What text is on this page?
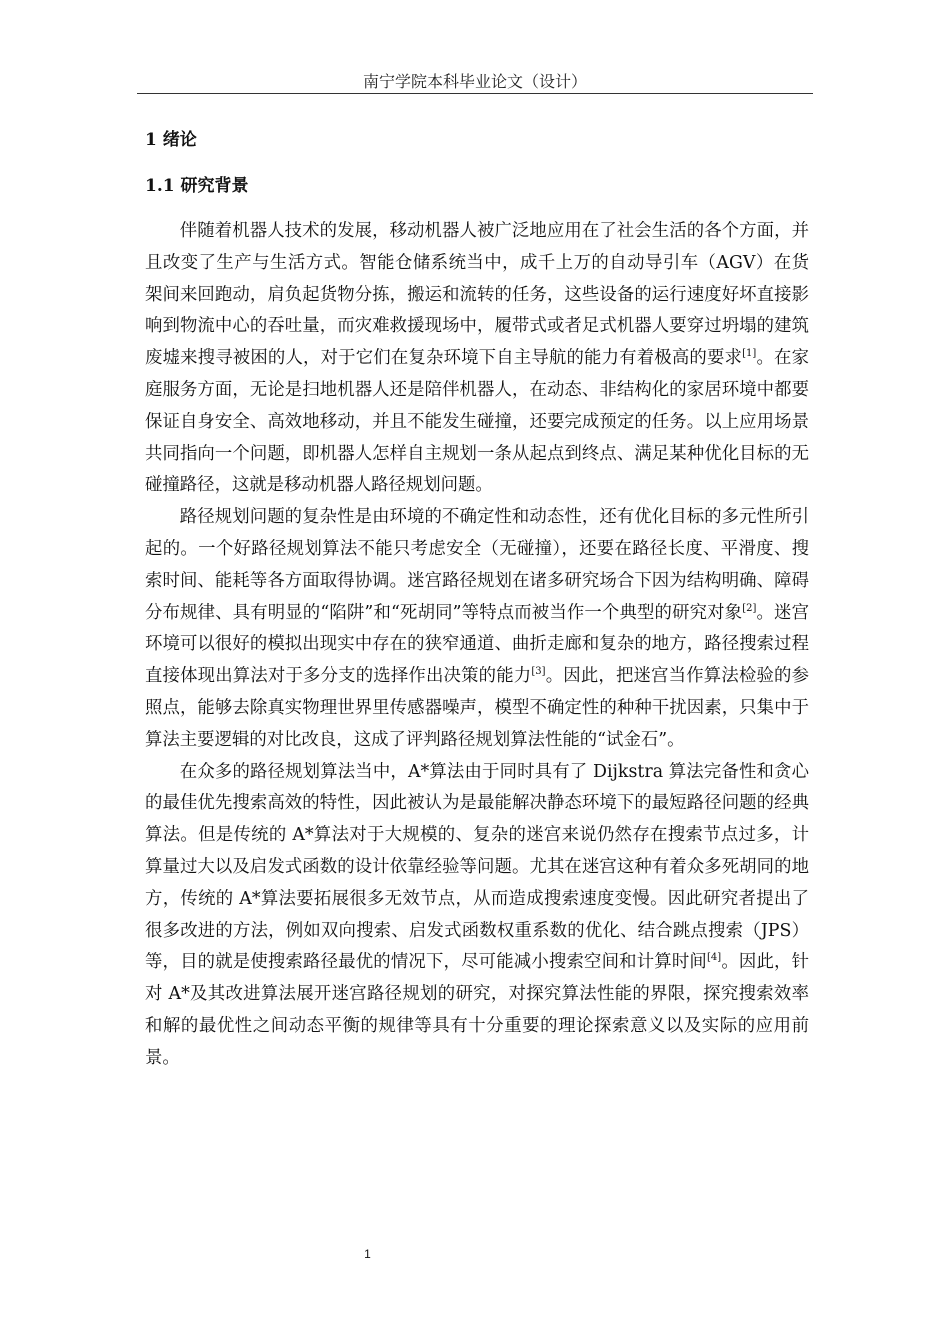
南宁学院本科毕业论文（设计）
1 绪论
1.1 研究背景

伴随着机器人技术的发展，移动机器人被广泛地应用在了社会生活的各个方面，并且改变了生产与生活方式。智能仓储系统当中，成千上万的自动导引车（AGV）在货架间来回跑动，肩负起货物分拣，搬运和流转的任务，这些设备的运行速度好坏直接影响到物流中心的吞吐量，而灾难救援现场中，履带式或者足式机器人要穿过坍塌的建筑废墟来搜寻被困的人，对于它们在复杂环境下自主导航的能力有着极高的要求[1]。在家庭服务方面，无论是扫地机器人还是陪伴机器人，在动态、非结构化的家居环境中都要保证自身安全、高效地移动，并且不能发生碰撞，还要完成预定的任务。以上应用场景共同指向一个问题，即机器人怎样自主规划一条从起点到终点、满足某种优化目标的无碰撞路径，这就是移动机器人路径规划问题。

路径规划问题的复杂性是由环境的不确定性和动态性，还有优化目标的多元性所引起的。一个好路径规划算法不能只考虑安全（无碰撞），还要在路径长度、平滑度、搜索时间、能耗等各方面取得协调。迷宫路径规划在诸多研究场合下因为结构明确、障碍分布规律、具有明显的“陷阱”和“死胡同”等特点而被当作一个典型的研究对象[2]。迷宫环境可以很好的模拟出现实中存在的狭窄通道、曲折走廊和复杂的地方，路径搜索过程直接体现出算法对于多分支的选择作出决策的能力[3]。因此，把迷宫当作算法检验的参照点，能够去除真实物理世界里传感器噪声，模型不确定性的种种干扰因素，只集中于算法主要逻辑的对比改良，这成了评判路径规划算法性能的“试金石”。

在众多的路径规划算法当中，A*算法由于同时具有了 Dijkstra 算法完备性和贪心的最佳优先搜索高效的特性，因此被认为是最能解决静态环境下的最短路径问题的经典算法。但是传统的 A*算法对于大规模的、复杂的迷宫来说仍然存在搜索节点过多，计算量过大以及启发式函数的设计依靠经验等问题。尤其在迷宫这种有着众多死胡同的地方，传统的 A*算法要拓展很多无效节点，从而造成搜索速度变慢。因此研究者提出了很多改进的方法，例如双向搜索、启发式函数权重系数的优化、结合跳点搜索（JPS）等，目的就是使搜索路径最优的情况下，尽可能减小搜索空间和计算时间[4]。因此，针对 A*及其改进算法展开迷宫路径规划的研究，对探究算法性能的界限，探究搜索效率和解的最优性之间动态平衡的规律等具有十分重要的理论探索意义以及实际的应用前景。

1
